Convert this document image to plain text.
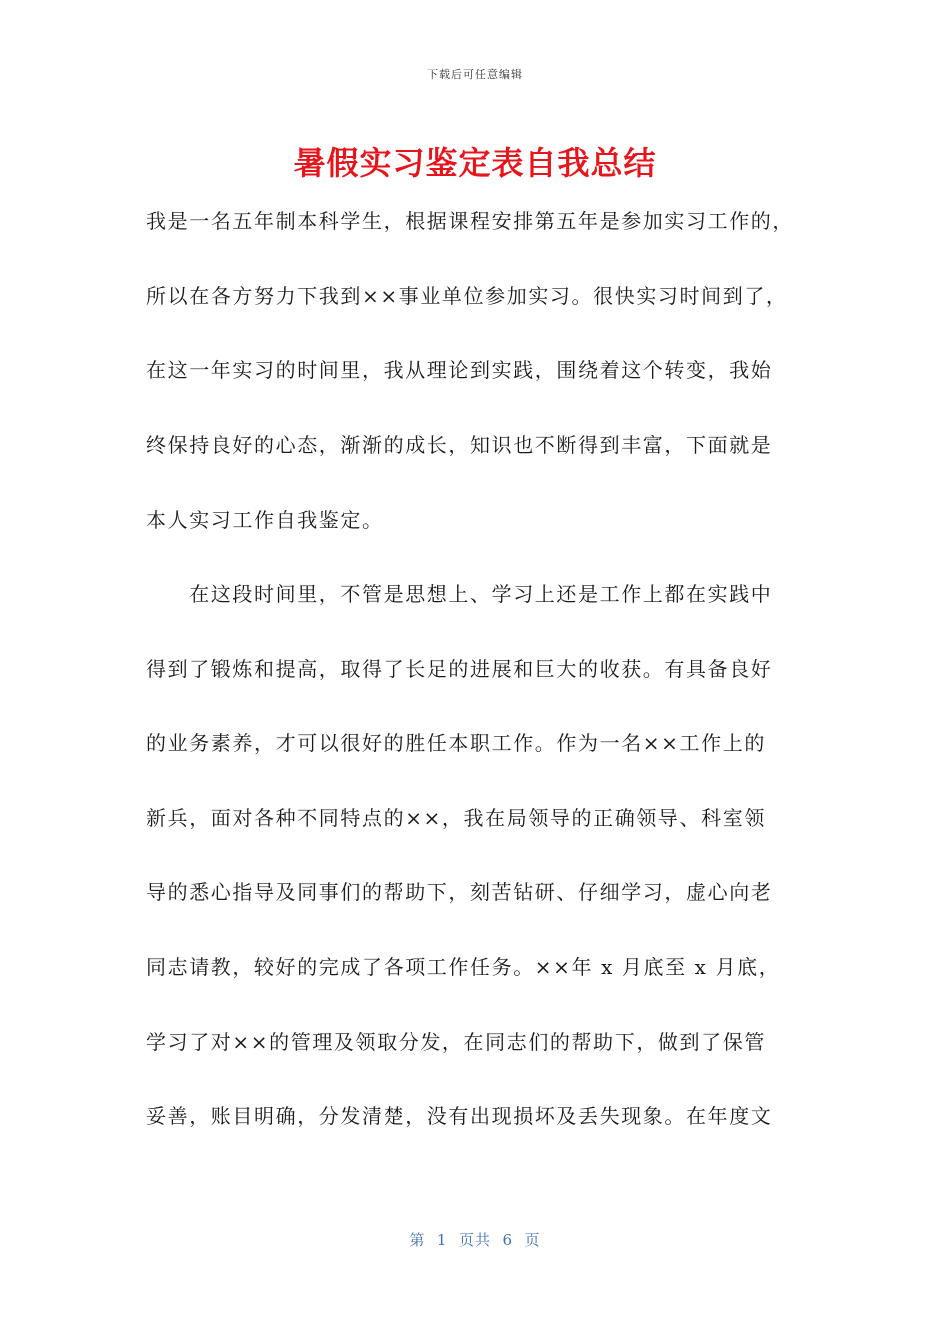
下载后可任意编辑
暑假实习鉴定表自我总结
我是一名五年制本科学生，根据课程安排第五年是参加实习工作的，
所以在各方努力下我到××事业单位参加实习。很快实习时间到了，
在这一年实习的时间里，我从理论到实践，围绕着这个转变，我始
终保持良好的心态，渐渐的成长，知识也不断得到丰富，下面就是
本人实习工作自我鉴定。
　　在这段时间里，不管是思想上、学习上还是工作上都在实践中
得到了锻炼和提高，取得了长足的进展和巨大的收获。有具备良好
的业务素养，才可以很好的胜任本职工作。作为一名××工作上的
新兵，面对各种不同特点的××，我在局领导的正确领导、科室领
导的悉心指导及同事们的帮助下，刻苦钻研、仔细学习，虚心向老
同志请教，较好的完成了各项工作任务。××年 x 月底至 x 月底，
学习了对××的管理及领取分发，在同志们的帮助下，做到了保管
妥善，账目明确，分发清楚，没有出现损坏及丢失现象。在年度文
第  1  页共  6  页
